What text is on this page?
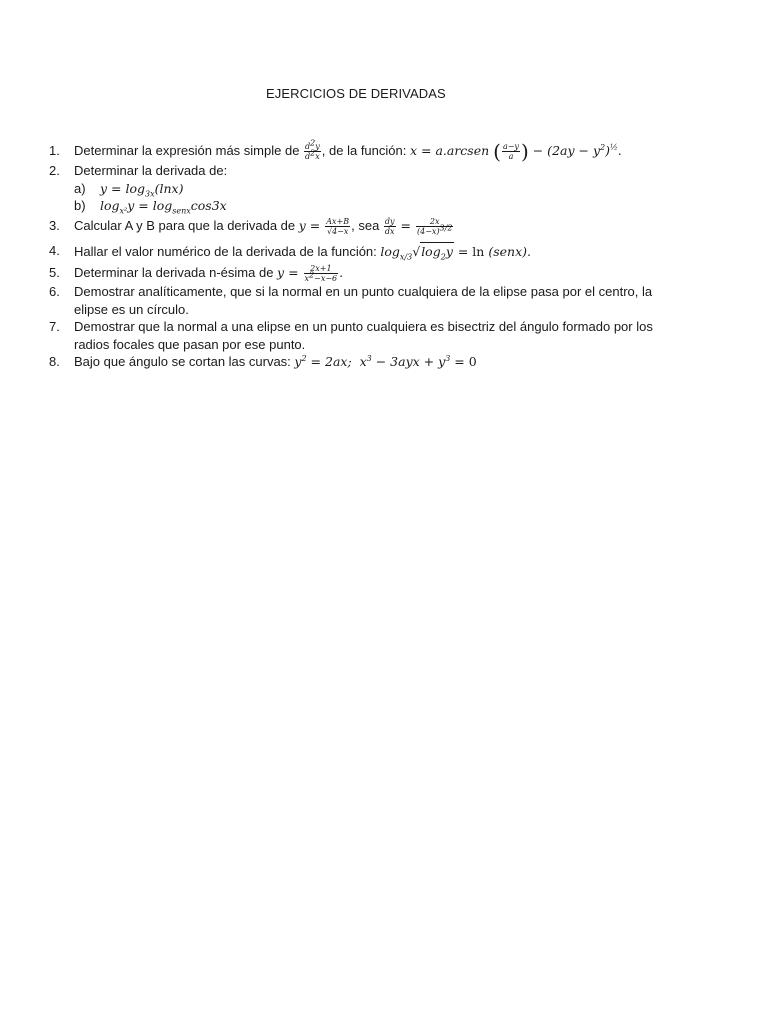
EJERCICIOS DE DERIVADAS
1. Determinar la expresión más simple de $\frac{d^2y}{d^2x}$ , de la función: x = a.arcsen ( $\frac{a-y}{a}$ ) − $(2ay - y^2)^{\frac{1}{2}}$.
2. Determinar la derivada de:
a) $y = \log_{3x}(\ln x)$
b) $\log_{x^2}y = \log_{senx}\cos 3x$
3. Calcular A y B para que la derivada de $y = \frac{Ax+B}{√4-x}$ , sea $\frac{dy}{dx} = \frac{2x}{(4-x)^{3/2}}$
4. Hallar el valor numérico de la derivada de la función: $\log_{x/3}√\log_2y = \ln$ (senx).
5. Determinar la derivada n-ésima de $y = \frac{2x+1}{x^2-x-6}$ .
6. Demostrar analíticamente, que si la normal en un punto cualquiera de la elipse pasa por el centro, la elipse es un círculo.
7. Demostrar que la normal a una elipse en un punto cualquiera es bisectriz del ángulo formado por los radios focales que pasan por ese punto.
8. Bajo que ángulo se cortan las curvas: $y^2 = 2ax$;  $x^3 - 3ayx + y^3 = 0$
